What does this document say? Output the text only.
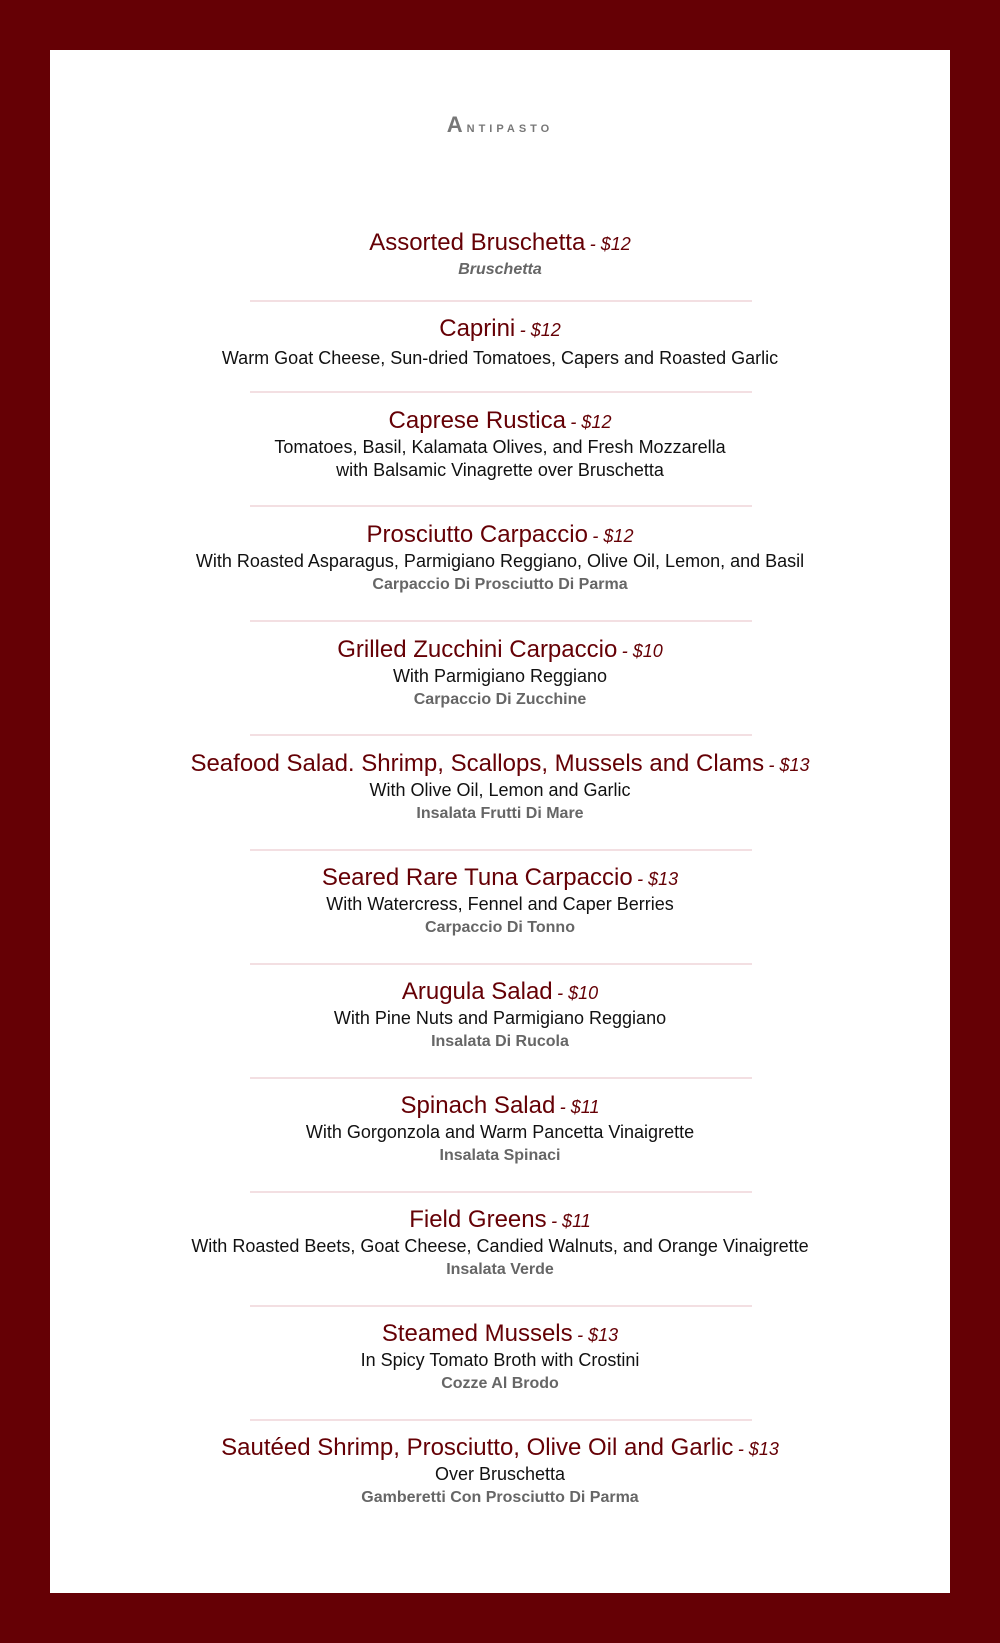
Antipasto
Assorted Bruschetta - $12
Bruschetta
Caprini - $12
Warm Goat Cheese, Sun-dried Tomatoes, Capers and Roasted Garlic
Caprese Rustica - $12
Tomatoes, Basil, Kalamata Olives, and Fresh Mozzarella
with Balsamic Vinagrette over Bruschetta
Prosciutto Carpaccio - $12
With Roasted Asparagus, Parmigiano Reggiano, Olive Oil, Lemon, and Basil
Carpaccio Di Prosciutto Di Parma
Grilled Zucchini Carpaccio - $10
With Parmigiano Reggiano
Carpaccio Di Zucchine
Seafood Salad. Shrimp, Scallops, Mussels and Clams - $13
With Olive Oil, Lemon and Garlic
Insalata Frutti Di Mare
Seared Rare Tuna Carpaccio - $13
With Watercress, Fennel and Caper Berries
Carpaccio Di Tonno
Arugula Salad - $10
With Pine Nuts and Parmigiano Reggiano
Insalata Di Rucola
Spinach Salad - $11
With Gorgonzola and Warm Pancetta Vinaigrette
Insalata Spinaci
Field Greens - $11
With Roasted Beets, Goat Cheese, Candied Walnuts, and Orange Vinaigrette
Insalata Verde
Steamed Mussels - $13
In Spicy Tomato Broth with Crostini
Cozze Al Brodo
Sautéed Shrimp, Prosciutto, Olive Oil and Garlic - $13
Over Bruschetta
Gamberetti Con Prosciutto Di Parma
